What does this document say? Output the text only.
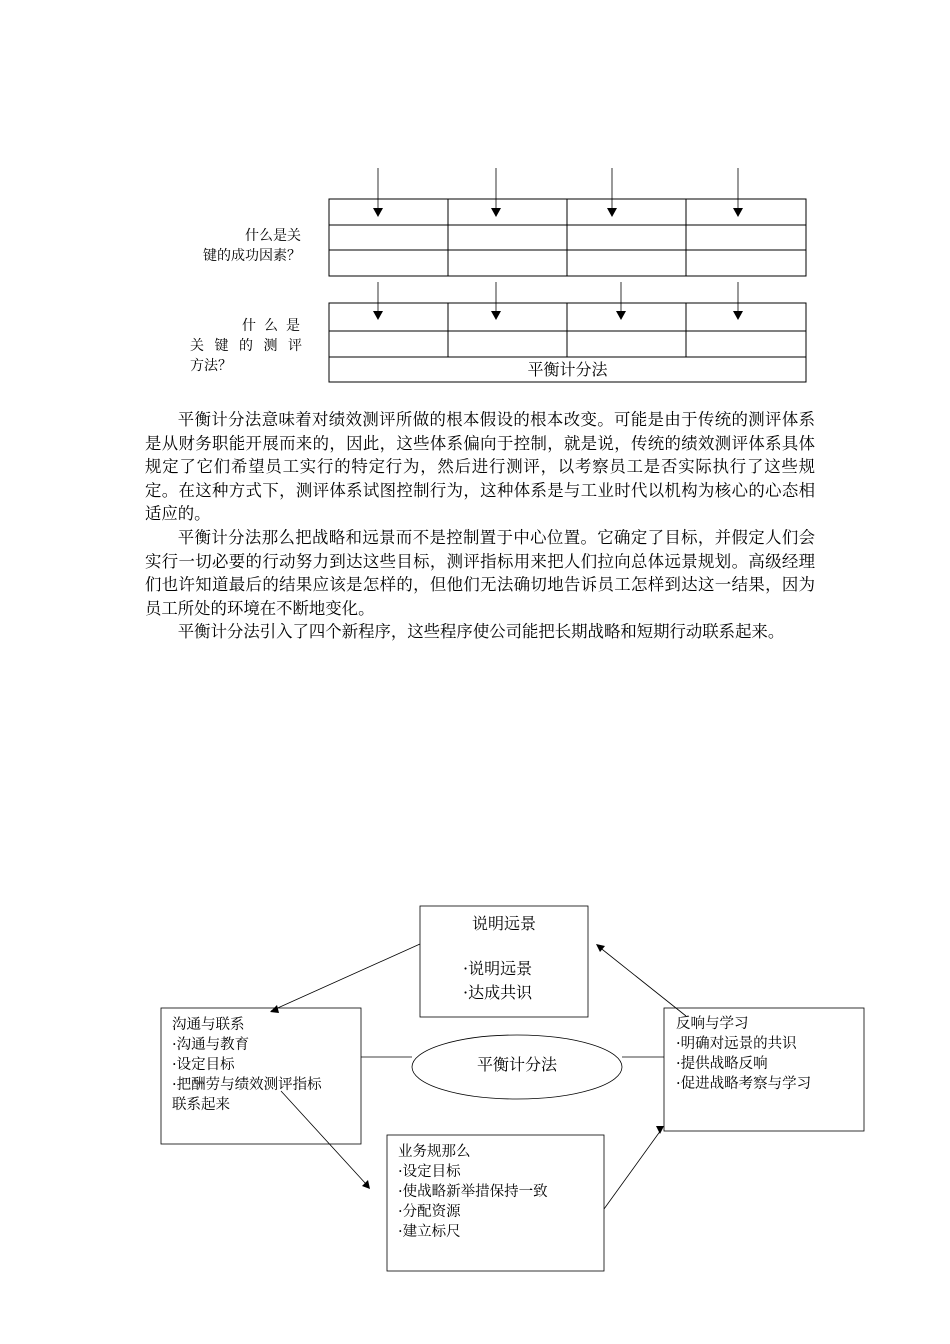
什么是关
键的成功因素？
什 么 是
关 键 的 测 评
方法？	平衡计分法

平衡计分法意味着对绩效测评所做的根本假设的根本改变。可能是由于传统的测评体系是从财务职能开展而来的，因此，这些体系偏向于控制，就是说，传统的绩效测评体系具体规定了它们希望员工实行的特定行为，然后进行测评，以考察员工是否实际执行了这些规定。在这种方式下，测评体系试图控制行为，这种体系是与工业时代以机构为核心的心态相适应的。

平衡计分法那么把战略和远景而不是控制置于中心位置。它确定了目标，并假定人们会实行一切必要的行动努力到达这些目标，测评指标用来把人们拉向总体远景规划。高级经理们也许知道最后的结果应该是怎样的，但他们无法确切地告诉员工怎样到达这一结果，因为员工所处的环境在不断地变化。

平衡计分法引入了四个新程序，这些程序使公司能把长期战略和短期行动联系起来。

说明远景
·说明远景
·达成共识
平衡计分法
沟通与联系
·沟通与教育
·设定目标
·把酬劳与绩效测评指标
联系起来
反响与学习
·明确对远景的共识
·提供战略反响
·促进战略考察与学习
业务规那么
·设定目标
·使战略新举措保持一致
·分配资源
·建立标尺
